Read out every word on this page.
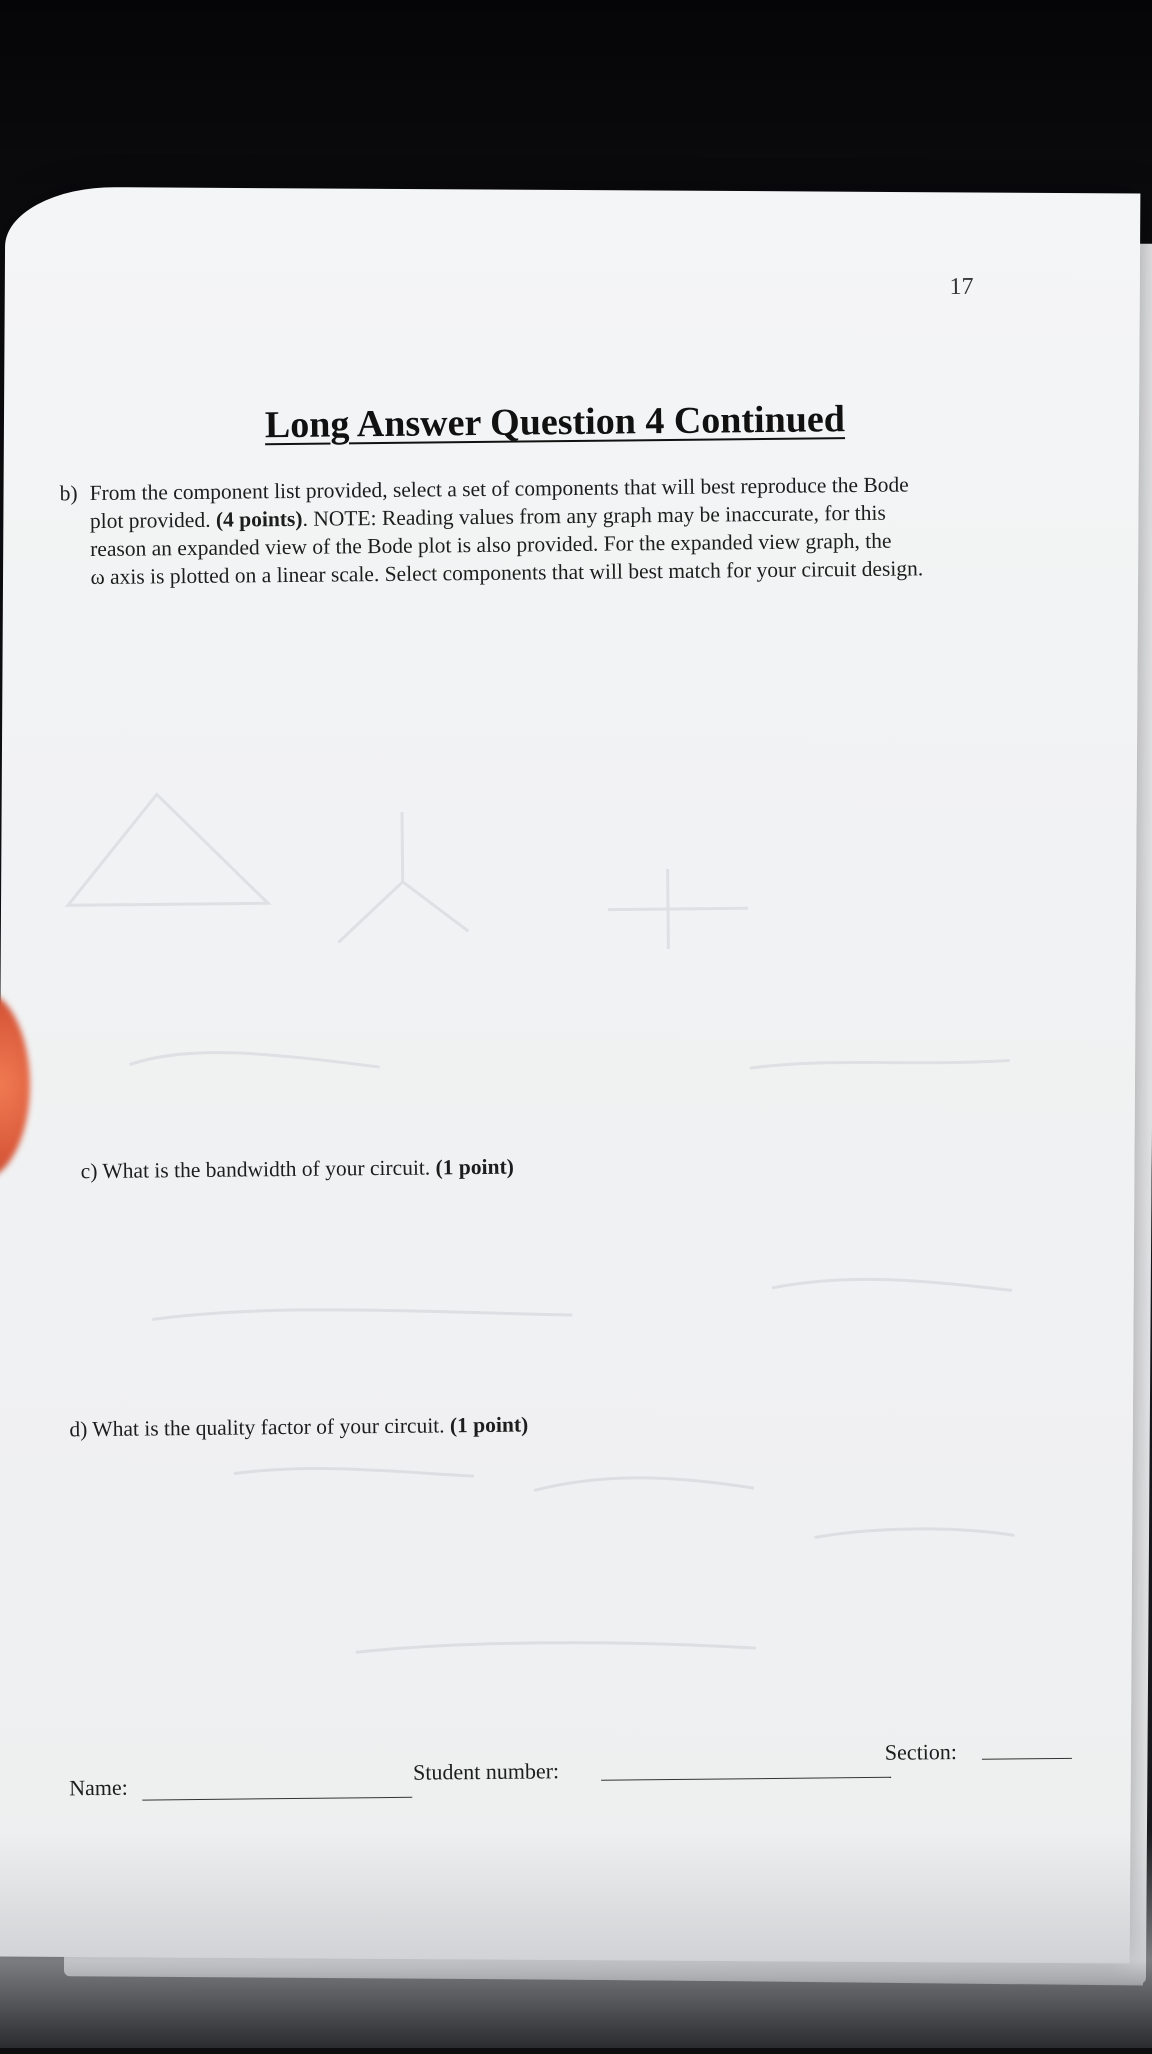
17
Long Answer Question 4 Continued
b) From the component list provided, select a set of components that will best reproduce the Bode
plot provided. (4 points). NOTE: Reading values from any graph may be inaccurate, for this
reason an expanded view of the Bode plot is also provided. For the expanded view graph, the
ω axis is plotted on a linear scale. Select components that will best match for your circuit design.
c) What is the bandwidth of your circuit. (1 point)
d) What is the quality factor of your circuit. (1 point)
Name:
Student number:
Section:
